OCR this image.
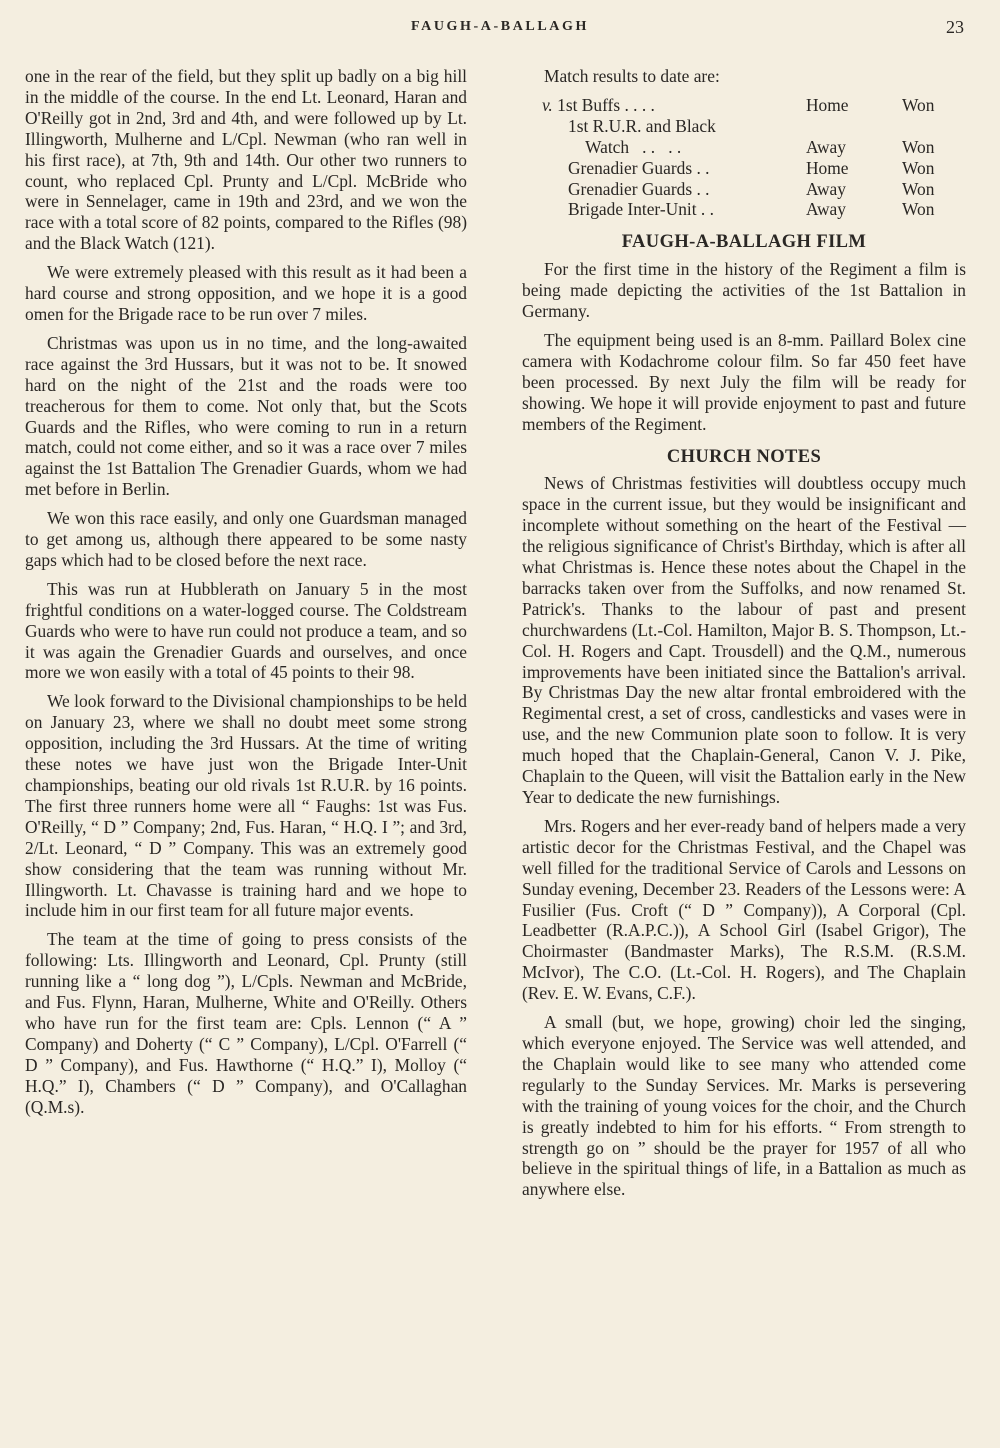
FAUGH-A-BALLAGH	23

one in the rear of the field, but they split up badly on a big hill in the middle of the course. In the end Lt. Leonard, Haran and O'Reilly got in 2nd, 3rd and 4th, and were followed up by Lt. Illingworth, Mulherne and L/Cpl. Newman (who ran well in his first race), at 7th, 9th and 14th. Our other two runners to count, who replaced Cpl. Prunty and L/Cpl. McBride who were in Sennelager, came in 19th and 23rd, and we won the race with a total score of 82 points, compared to the Rifles (98) and the Black Watch (121).

We were extremely pleased with this result as it had been a hard course and strong opposition, and we hope it is a good omen for the Brigade race to be run over 7 miles.

Christmas was upon us in no time, and the long-awaited race against the 3rd Hussars, but it was not to be. It snowed hard on the night of the 21st and the roads were too treacherous for them to come. Not only that, but the Scots Guards and the Rifles, who were coming to run in a return match, could not come either, and so it was a race over 7 miles against the 1st Battalion The Grenadier Guards, whom we had met before in Berlin.

We won this race easily, and only one Guardsman managed to get among us, although there appeared to be some nasty gaps which had to be closed before the next race.

This was run at Hubblerath on January 5 in the most frightful conditions on a water-logged course. The Coldstream Guards who were to have run could not produce a team, and so it was again the Grenadier Guards and ourselves, and once more we won easily with a total of 45 points to their 98.

We look forward to the Divisional championships to be held on January 23, where we shall no doubt meet some strong opposition, including the 3rd Hussars. At the time of writing these notes we have just won the Brigade Inter-Unit championships, beating our old rivals 1st R.U.R. by 16 points. The first three runners home were all “ Faughs: 1st was Fus. O'Reilly, “ D ” Company; 2nd, Fus. Haran, “ H.Q. I ”; and 3rd, 2/Lt. Leonard, “ D ” Company. This was an extremely good show considering that the team was running without Mr. Illingworth. Lt. Chavasse is training hard and we hope to include him in our first team for all future major events.

The team at the time of going to press consists of the following: Lts. Illingworth and Leonard, Cpl. Prunty (still running like a “ long dog ”), L/Cpls. Newman and McBride, and Fus. Flynn, Haran, Mulherne, White and O'Reilly. Others who have run for the first team are: Cpls. Lennon (“ A ” Company) and Doherty (“ C ” Company), L/Cpl. O'Farrell (“ D ” Company), and Fus. Hawthorne (“ H.Q.” I), Molloy (“ H.Q.” I), Chambers (“ D ” Company), and O'Callaghan (Q.M.s).

Match results to date are:

v. 1st Buffs . . . .	Home	Won
1st R.U.R. and Black		
Watch   . .   . .	Away	Won
Grenadier Guards . .	Home	Won
Grenadier Guards . .	Away	Won
Brigade Inter-Unit . .	Away	Won
FAUGH-A-BALLAGH FILM

For the first time in the history of the Regiment a film is being made depicting the activities of the 1st Battalion in Germany.

The equipment being used is an 8-mm. Paillard Bolex cine camera with Kodachrome colour film. So far 450 feet have been processed. By next July the film will be ready for showing. We hope it will provide enjoyment to past and future members of the Regiment.

CHURCH NOTES

News of Christmas festivities will doubtless occupy much space in the current issue, but they would be insignificant and incomplete without something on the heart of the Festival —the religious significance of Christ's Birthday, which is after all what Christmas is. Hence these notes about the Chapel in the barracks taken over from the Suffolks, and now renamed St. Patrick's. Thanks to the labour of past and present churchwardens (Lt.-Col. Hamilton, Major B. S. Thompson, Lt.-Col. H. Rogers and Capt. Trousdell) and the Q.M., numerous improvements have been initiated since the Battalion's arrival. By Christmas Day the new altar frontal embroidered with the Regimental crest, a set of cross, candlesticks and vases were in use, and the new Communion plate soon to follow. It is very much hoped that the Chaplain-General, Canon V. J. Pike, Chaplain to the Queen, will visit the Battalion early in the New Year to dedicate the new furnishings.

Mrs. Rogers and her ever-ready band of helpers made a very artistic decor for the Christmas Festival, and the Chapel was well filled for the traditional Service of Carols and Lessons on Sunday evening, December 23. Readers of the Lessons were: A Fusilier (Fus. Croft (“ D ” Company)), A Corporal (Cpl. Leadbetter (R.A.P.C.)), A School Girl (Isabel Grigor), The Choirmaster (Bandmaster Marks), The R.S.M. (R.S.M. McIvor), The C.O. (Lt.-Col. H. Rogers), and The Chaplain (Rev. E. W. Evans, C.F.).

A small (but, we hope, growing) choir led the singing, which everyone enjoyed. The Service was well attended, and the Chaplain would like to see many who attended come regularly to the Sunday Services. Mr. Marks is persevering with the training of young voices for the choir, and the Church is greatly indebted to him for his efforts. “ From strength to strength go on ” should be the prayer for 1957 of all who believe in the spiritual things of life, in a Battalion as much as anywhere else.
